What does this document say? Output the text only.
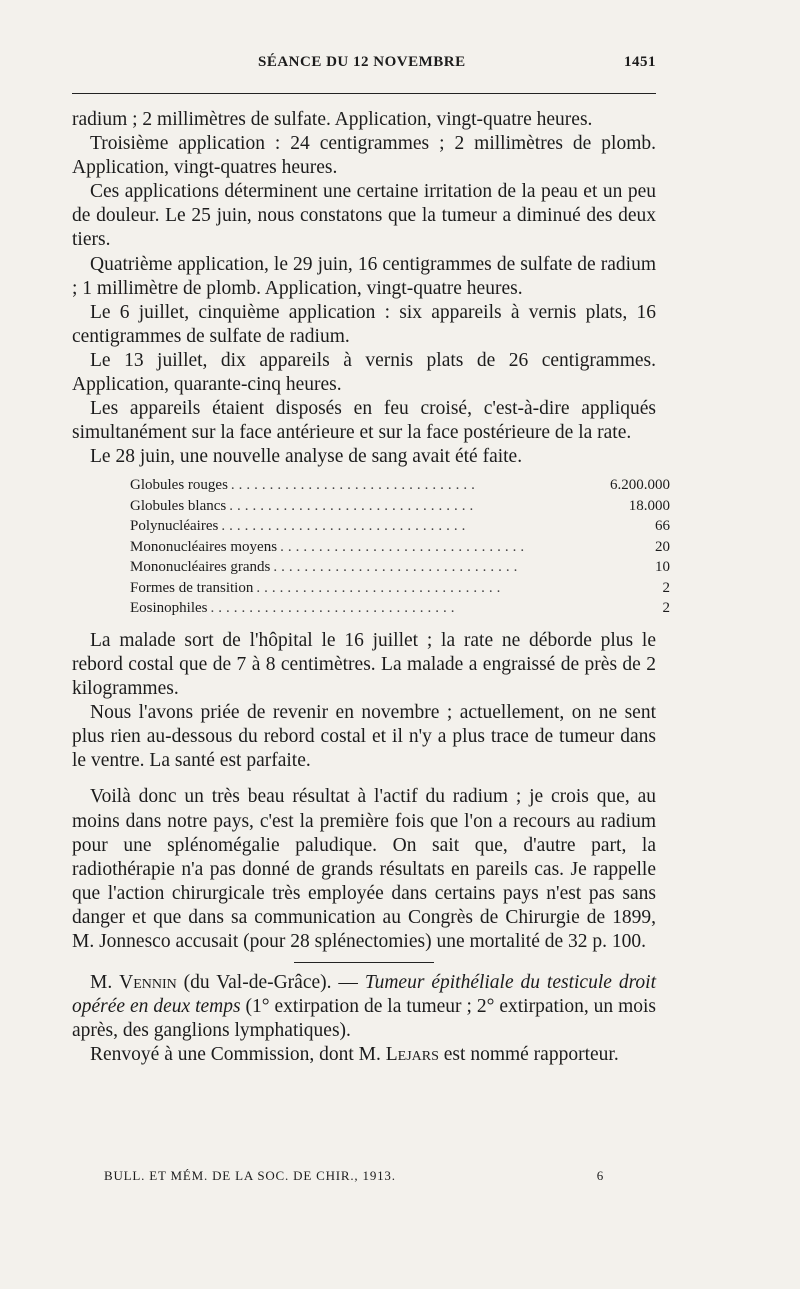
SÉANCE DU 12 NOVEMBRE	1451

radium ; 2 millimètres de sulfate. Application, vingt-quatre heures.

Troisième application : 24 centigrammes ; 2 millimètres de plomb. Application, vingt-quatres heures.

Ces applications déterminent une certaine irritation de la peau et un peu de douleur. Le 25 juin, nous constatons que la tumeur a diminué des deux tiers.

Quatrième application, le 29 juin, 16 centigrammes de sulfate de radium ; 1 millimètre de plomb. Application, vingt-quatre heures.

Le 6 juillet, cinquième application : six appareils à vernis plats, 16 centigrammes de sulfate de radium.

Le 13 juillet, dix appareils à vernis plats de 26 centigrammes. Application, quarante-cinq heures.

Les appareils étaient disposés en feu croisé, c'est-à-dire appliqués simultanément sur la face antérieure et sur la face postérieure de la rate.

Le 28 juin, une nouvelle analyse de sang avait été faite.

Globules rouges ................................	6.200.000
Globules blancs ................................	18.000
Polynucléaires ................................	66
Mononucléaires moyens ................................	20
Mononucléaires grands ................................	10
Formes de transition ................................	2
Eosinophiles ................................	2

La malade sort de l'hôpital le 16 juillet ; la rate ne déborde plus le rebord costal que de 7 à 8 centimètres. La malade a engraissé de près de 2 kilogrammes.

Nous l'avons priée de revenir en novembre ; actuellement, on ne sent plus rien au-dessous du rebord costal et il n'y a plus trace de tumeur dans le ventre. La santé est parfaite.

Voilà donc un très beau résultat à l'actif du radium ; je crois que, au moins dans notre pays, c'est la première fois que l'on a recours au radium pour une splénomégalie paludique. On sait que, d'autre part, la radiothérapie n'a pas donné de grands résultats en pareils cas. Je rappelle que l'action chirurgicale très employée dans certains pays n'est pas sans danger et que dans sa communication au Congrès de Chirurgie de 1899, M. Jonnesco accusait (pour 28 splénectomies) une mortalité de 32 p. 100.

M. Vennin (du Val-de-Grâce). — Tumeur épithéliale du testicule droit opérée en deux temps (1° extirpation de la tumeur ; 2° extirpation, un mois après, des ganglions lymphatiques).

Renvoyé à une Commission, dont M. Lejars est nommé rapporteur.

BULL. ET MÉM. DE LA SOC. DE CHIR., 1913.	6
